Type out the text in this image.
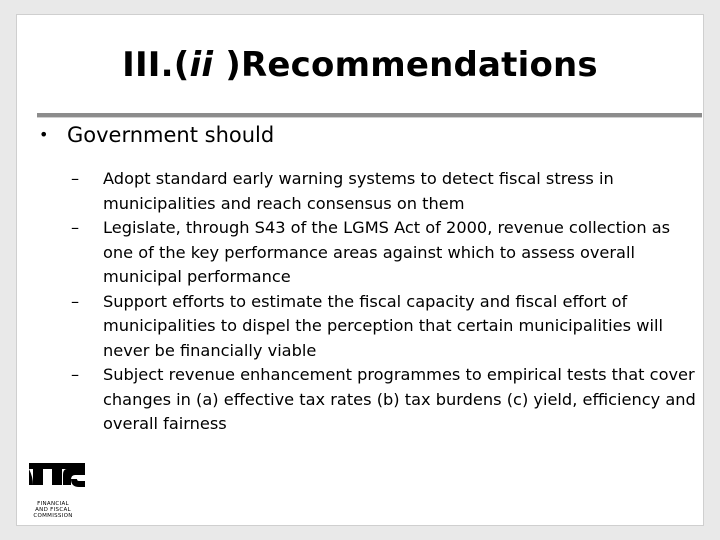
III.(ii )Recommendations
• Government should
– Adopt standard early warning systems to detect fiscal stress in municipalities and reach consensus on them
– Legislate, through S43 of the LGMS Act of 2000, revenue collection as one of the key performance areas against which to assess overall municipal performance
– Support efforts to estimate the fiscal capacity and fiscal effort of municipalities to dispel the perception that certain municipalities will never be financially viable
– Subject revenue enhancement programmes to empirical tests that cover changes in (a) effective tax rates (b) tax burdens (c) yield, efficiency and overall fairness
FINANCIAL
AND FISCAL
COMMISSION
